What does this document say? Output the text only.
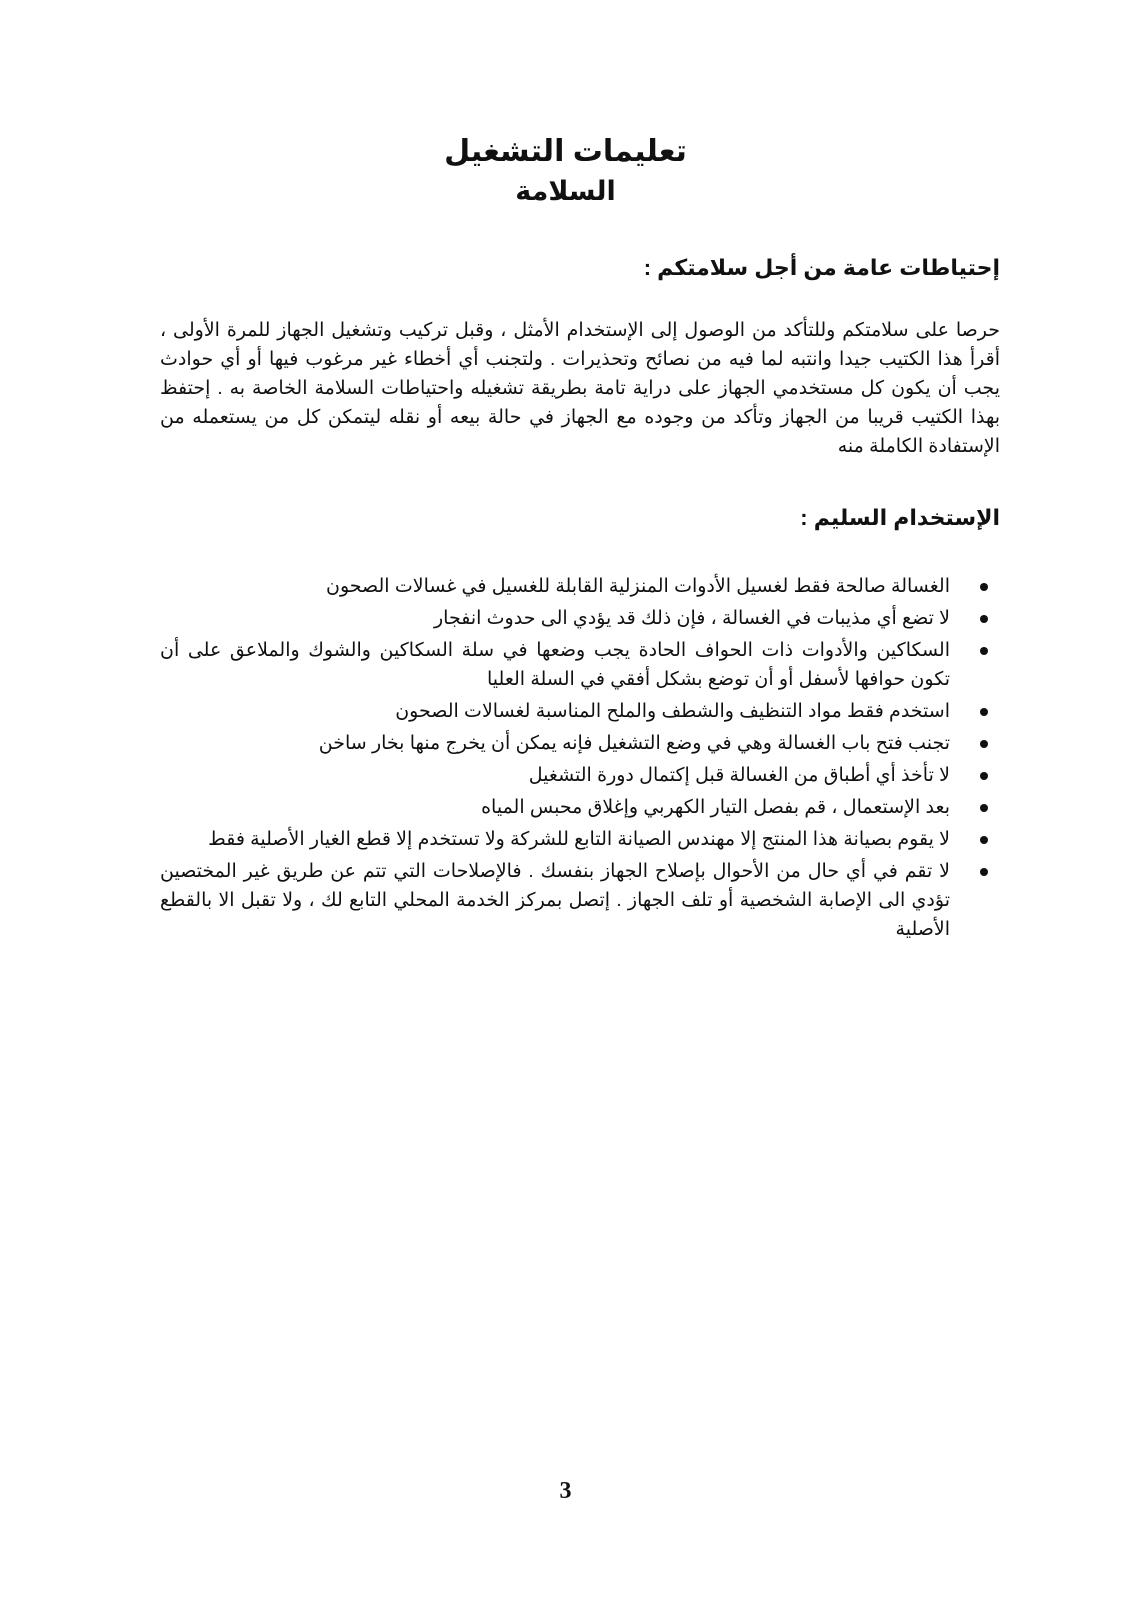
تعليمات التشغيل
السلامة
إحتياطات عامة من أجل سلامتكم :

حرصا على سلامتكم وللتأكد من الوصول إلى الإستخدام الأمثل ، وقبل تركيب وتشغيل الجهاز للمرة الأولى ، أقرأ هذا الكتيب جيدا وانتبه لما فيه من نصائح وتحذيرات . ولتجنب أي أخطاء غير مرغوب فيها أو أي حوادث يجب أن يكون كل مستخدمي الجهاز على دراية تامة بطريقة تشغيله واحتياطات السلامة الخاصة به . إحتفظ بهذا الكتيب قريبا من الجهاز وتأكد من وجوده مع الجهاز في حالة بيعه أو نقله ليتمكن كل من يستعمله من الإستفادة الكاملة منه

الإستخدام السليم :
الغسالة صالحة فقط لغسيل الأدوات المنزلية القابلة للغسيل في غسالات الصحون
لا تضع أي مذيبات في الغسالة ، فإن ذلك قد يؤدي الى حدوث انفجار
السكاكين والأدوات ذات الحواف الحادة يجب وضعها في سلة السكاكين والشوك والملاعق على أن تكون حوافها لأسفل أو أن توضع بشكل أفقي في السلة العليا
استخدم فقط مواد التنظيف والشطف والملح المناسبة لغسالات الصحون
تجنب فتح باب الغسالة وهي في وضع التشغيل فإنه يمكن أن يخرج منها بخار ساخن
لا تأخذ أي أطباق من الغسالة قبل إكتمال دورة التشغيل
بعد الإستعمال ، قم بفصل التيار الكهربي وإغلاق محبس المياه
لا يقوم بصيانة هذا المنتج إلا مهندس الصيانة التابع للشركة ولا تستخدم إلا قطع الغيار الأصلية فقط
لا تقم في أي حال من الأحوال بإصلاح الجهاز بنفسك . فالإصلاحات التي تتم عن طريق غير المختصين تؤدي الى الإصابة الشخصية أو تلف الجهاز . إتصل بمركز الخدمة المحلي التابع لك ، ولا تقبل الا بالقطع الأصلية
3
